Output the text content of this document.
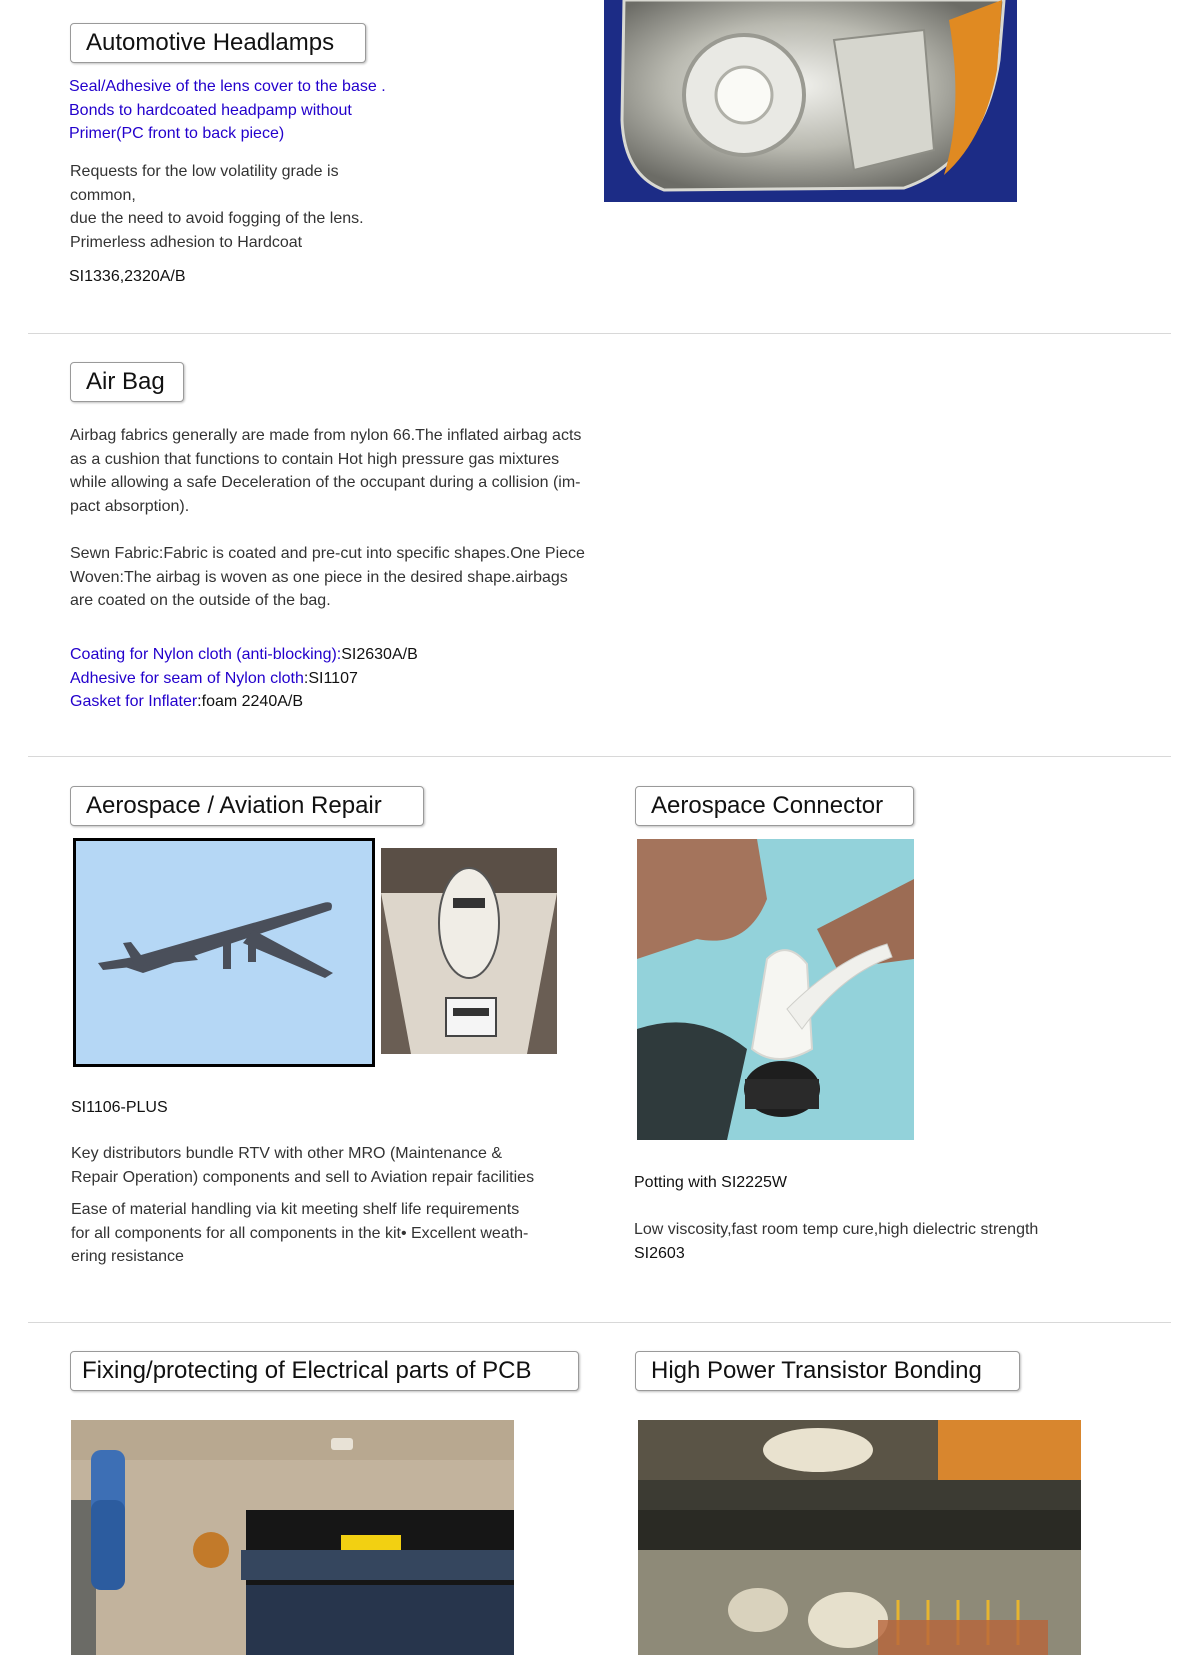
Automotive Headlamps
Seal/Adhesive of the lens cover to the base .
Bonds to hardcoated headpamp without
Primer(PC front to back piece)
Requests for the low volatility grade is
common,
due the need to avoid fogging of the lens.
Primerless adhesion to Hardcoat
SI1336,2320A/B
Air Bag
Airbag fabrics generally are made from nylon 66.The inflated airbag acts
as a cushion that functions to contain Hot high pressure gas mixtures
while allowing a safe Deceleration of the occupant during a collision (im-
pact absorption).
Sewn Fabric:Fabric is coated and pre-cut into specific shapes.One Piece
Woven:The airbag is woven as one piece in the desired shape.airbags
are coated on the outside of the bag.
Coating for Nylon cloth (anti-blocking):SI2630A/B
Adhesive for seam of Nylon cloth:SI1107
Gasket for Inflater:foam 2240A/B
Aerospace / Aviation Repair
SI1106-PLUS
Key distributors bundle RTV with other MRO (Maintenance &
Repair Operation) components and sell to Aviation repair facilities
Ease of material handling via kit meeting shelf life requirements
for all components for all components in the kit• Excellent weath-
ering resistance
Aerospace Connector
Potting with SI2225W
Low viscosity,fast room temp cure,high dielectric strength
SI2603
Fixing/protecting of Electrical parts of PCB	High Power Transistor Bonding
